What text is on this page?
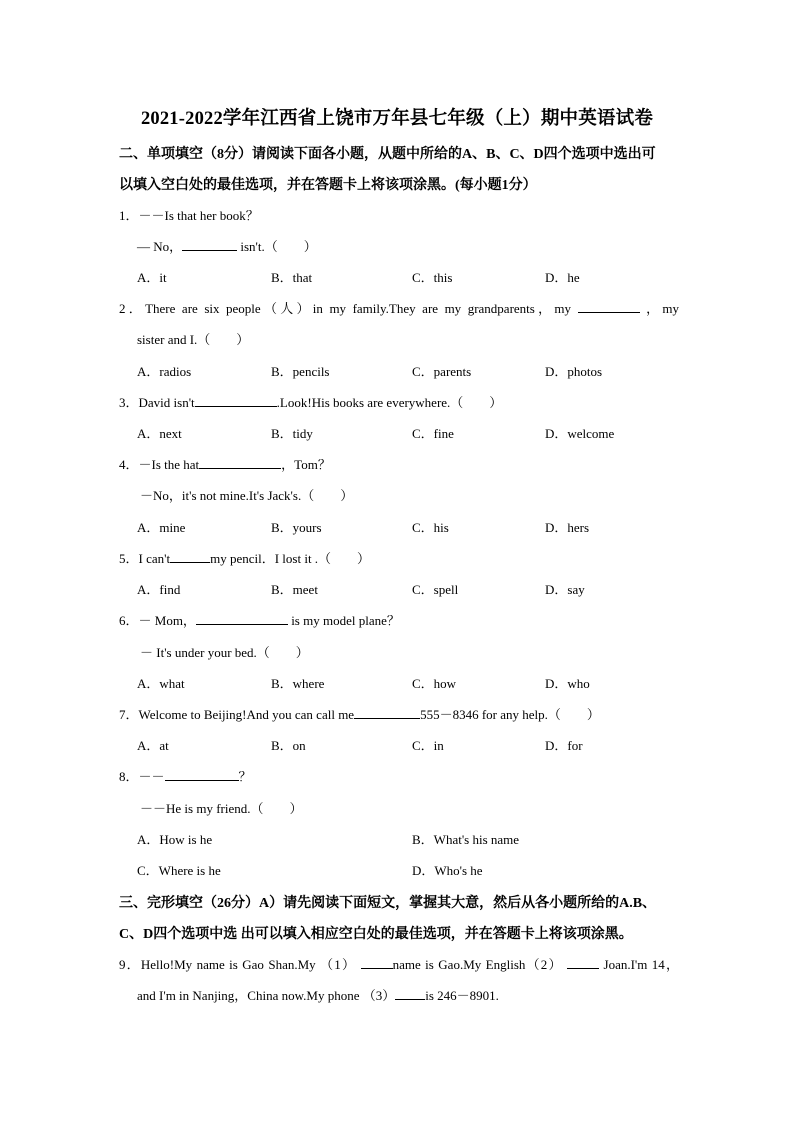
2021-2022学年江西省上饶市万年县七年级（上）期中英语试卷
二、单项填空（8分）请阅读下面各小题，从题中所给的A、B、C、D四个选项中选出可
以填入空白处的最佳选项，并在答题卡上将该项涂黑。(每小题1分）
1．－－Is that her book？
— No，	isn't.（　　）
A．it	B．that	C．this	D．he
2．There are six people（人）in my family.They are my grandparents，my	，my
sister and I.（　　）
A．radios	B．pencils	C．parents	D．photos
3．David isn't	.Look!His books are everywhere.（　　）
A．next	B．tidy	C．fine	D．welcome
4．－Is the hat	，Tom？
－No，it's not mine.It's Jack's.（　　）
A．mine	B．yours	C．his	D．hers
5．I can't	my pencil．I lost it .（　　）
A．find	B．meet	C．spell	D．say
6．－ Mom，	is my model plane？
－ It's under your bed.（　　）
A．what	B．where	C．how	D．who
7．Welcome to Beijing!And you can call me	555－8346 for any help.（　　）
A．at	B．on	C．in	D．for
8．－－	？
－－He is my friend.（　　）
A．How is he	B．What's his name
C．Where is he	D．Who's he
三、完形填空（26分）A）请先阅读下面短文，掌握其大意，然后从各小题所给的A.B、
C、D四个选项中选 出可以填入相应空白处的最佳选项，并在答题卡上将该项涂黑。
9．Hello!My name is Gao Shan.My （1）	name is Gao.My English（2）	Joan.I'm 14，
and I'm in Nanjing，China now.My phone （3） is 246－8901.
